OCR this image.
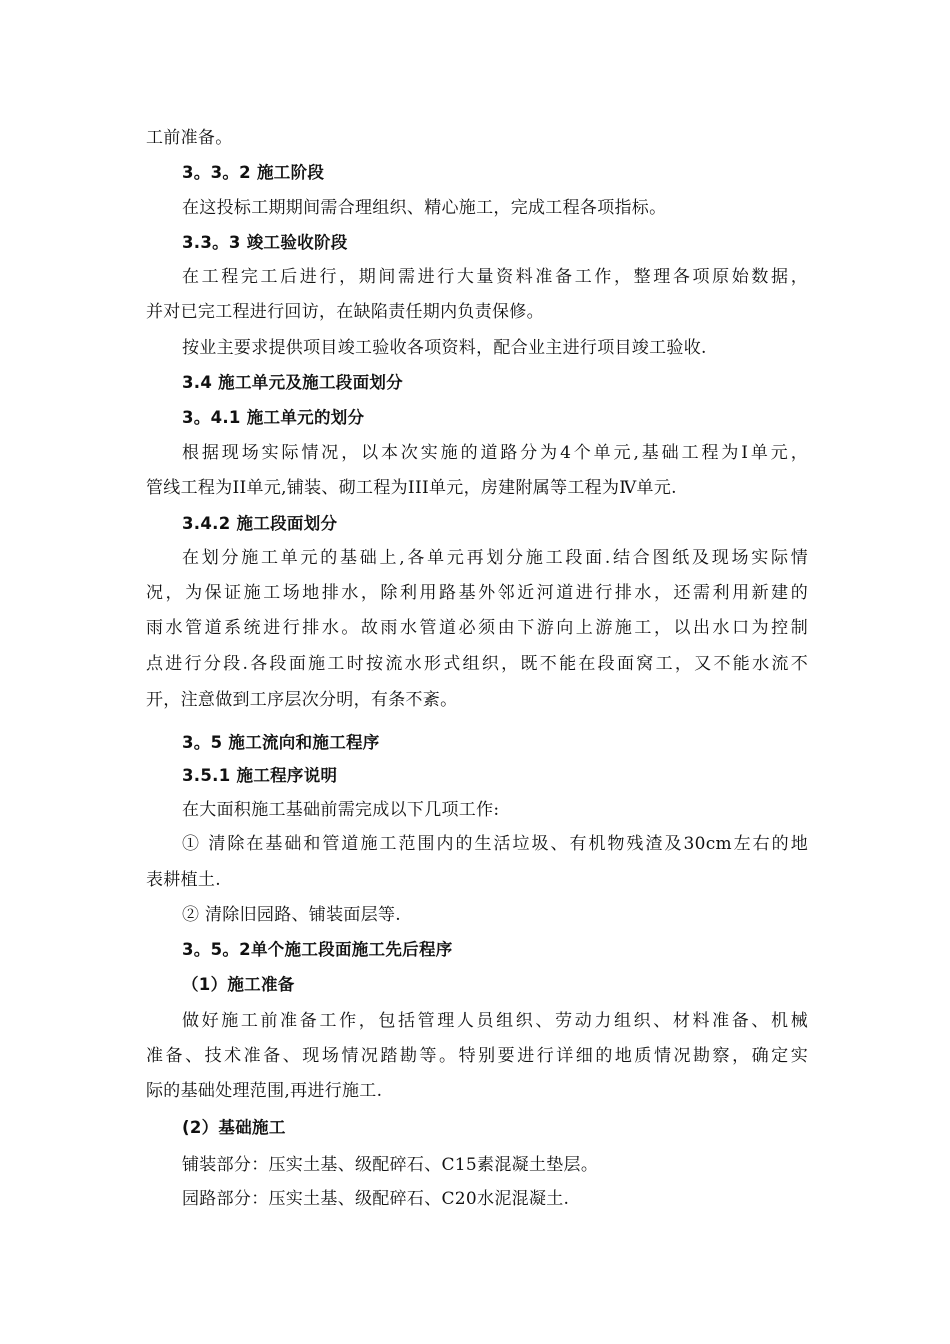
工前准备。
3。3。2 施工阶段
在这投标工期期间需合理组织、精心施工，完成工程各项指标。
3.3。3 竣工验收阶段
在工程完工后进行，期间需进行大量资料准备工作，整理各项原始数据，
并对已完工程进行回访，在缺陷责任期内负责保修。
按业主要求提供项目竣工验收各项资料，配合业主进行项目竣工验收.
3.4 施工单元及施工段面划分
3。4.1 施工单元的划分
根据现场实际情况，以本次实施的道路分为4个单元,基础工程为Ⅰ单元，
管线工程为ΙΙ单元,铺装、砌工程为ΙΙΙ单元，房建附属等工程为Ⅳ单元.
3.4.2 施工段面划分
在划分施工单元的基础上,各单元再划分施工段面.结合图纸及现场实际情
况，为保证施工场地排水，除利用路基外邻近河道进行排水，还需利用新建的
雨水管道系统进行排水。故雨水管道必须由下游向上游施工，以出水口为控制
点进行分段.各段面施工时按流水形式组织，既不能在段面窝工，又不能水流不
开，注意做到工序层次分明，有条不紊。
3。5 施工流向和施工程序
3.5.1 施工程序说明
在大面积施工基础前需完成以下几项工作:
① 清除在基础和管道施工范围内的生活垃圾、有机物残渣及30cm左右的地
表耕植土.
② 清除旧园路、铺装面层等.
3。5。2单个施工段面施工先后程序
（1）施工准备
做好施工前准备工作，包括管理人员组织、劳动力组织、材料准备、机械
准备、技术准备、现场情况踏勘等。特别要进行详细的地质情况勘察，确定实
际的基础处理范围,再进行施工.
(2）基础施工
铺装部分：压实土基、级配碎石、C15素混凝土垫层。
园路部分：压实土基、级配碎石、C20水泥混凝土.
